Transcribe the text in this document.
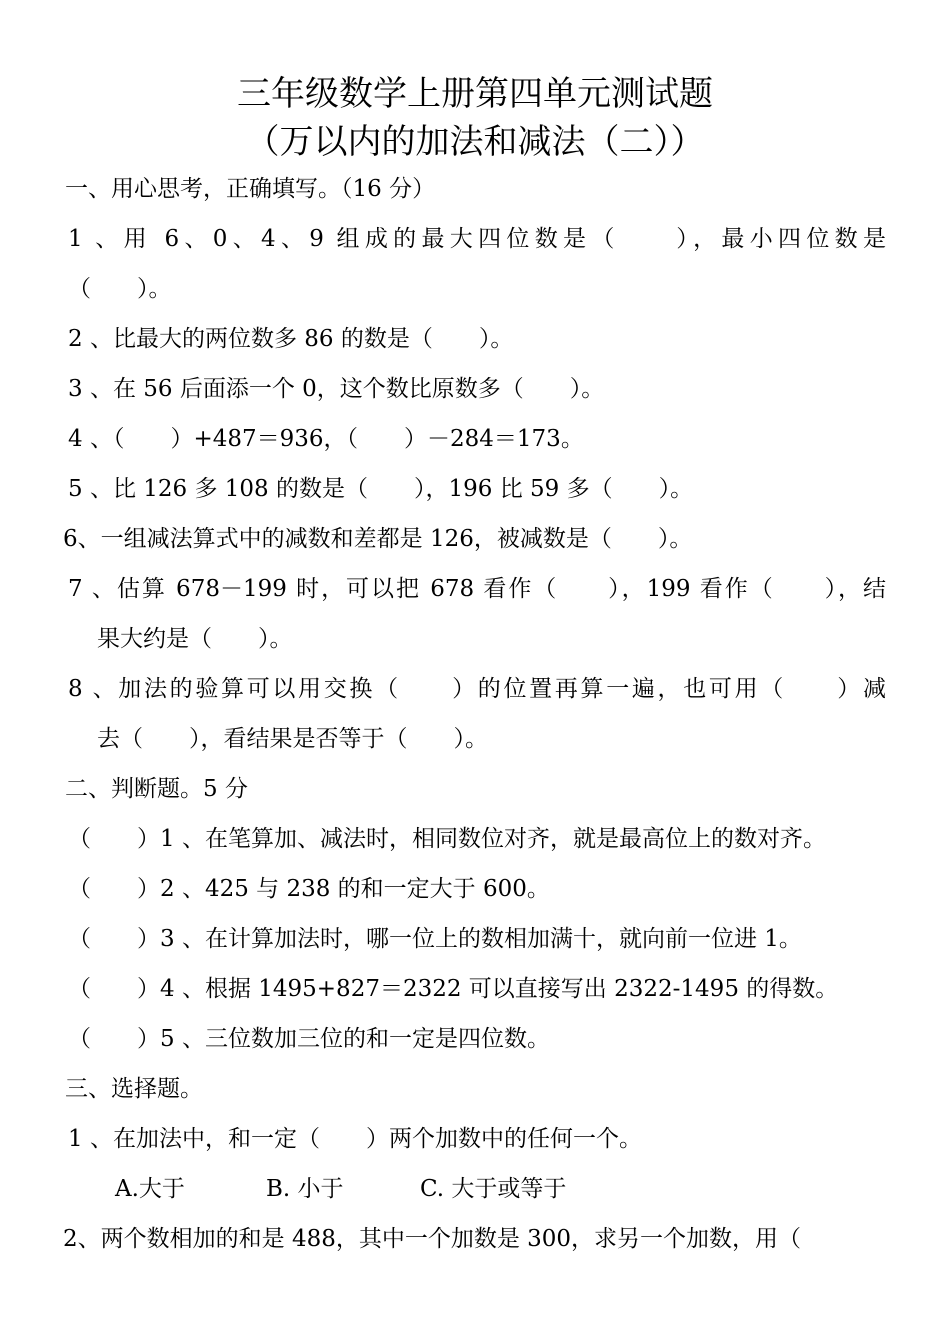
三年级数学上册第四单元测试题
（万以内的加法和减法（二））
一、用心思考，正确填写。（16 分）
1 、用 6、0、4、9 组成的最大四位数是（　　），最小四位数是
（　　）。
2 、比最大的两位数多 86 的数是（　　）。
3 、在 56 后面添一个 0，这个数比原数多（　　）。
4 、（　　）+487＝936，（　　）－284＝173。
5 、比 126 多 108 的数是（　　），196 比 59 多（　　）。
6、一组减法算式中的减数和差都是 126，被减数是（　　）。
7 、估算 678－199 时，可以把 678 看作（　　），199 看作（　　），结
果大约是（　　）。
8 、加法的验算可以用交换（　　）的位置再算一遍，也可用（　　）减
去（　　），看结果是否等于（　　）。
二、判断题。5 分
（　　）1 、在笔算加、减法时，相同数位对齐，就是最高位上的数对齐。
（　　）2 、425 与 238 的和一定大于 600。
（　　）3 、在计算加法时，哪一位上的数相加满十，就向前一位进 1。
（　　）4 、根据 1495+827＝2322 可以直接写出 2322-1495 的得数。
（　　）5 、三位数加三位的和一定是四位数。
三、选择题。
1 、在加法中，和一定（　　）两个加数中的任何一个。
A.大于	B. 小于	C. 大于或等于
2、两个数相加的和是 488，其中一个加数是 300，求另一个加数，用（
